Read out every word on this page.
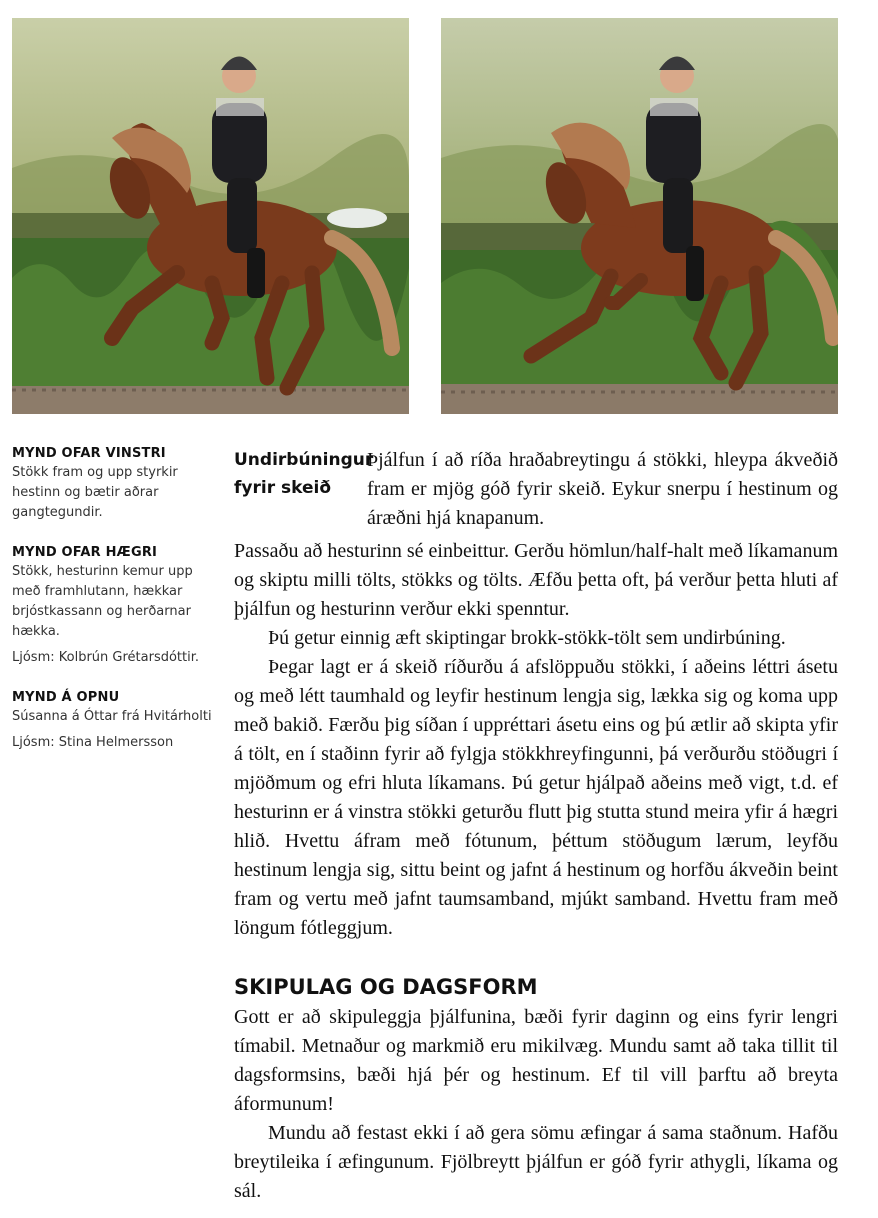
MYND OFAR VINSTRI

Stökk fram og upp styrkir hestinn og bætir aðrar gangtegundir.

MYND OFAR HÆGRI

Stökk, hesturinn kemur upp með framhlutann, hækkar brjóstkassann og herðarnar hækka.

Ljósm: Kolbrún Grétarsdóttir.

MYND Á OPNU

Súsanna á Óttar frá Hvitárholti

Ljósm: Stina Helmersson

Undirbúningur fyrir skeið

Þjálfun í að ríða hraðabreytingu á stökki, hleypa ákveðið fram er mjög góð fyrir skeið. Eykur snerpu í hestinum og áræðni hjá knapanum.

Passaðu að hesturinn sé einbeittur. Gerðu hömlun/half-halt með líkamanum og skiptu milli tölts, stökks og tölts. Æfðu þetta oft, þá verður þetta hluti af þjálfun og hesturinn verður ekki spenntur.

Þú getur einnig æft skiptingar brokk-stökk-tölt sem undirbúning.

Þegar lagt er á skeið ríðurðu á afslöppuðu stökki, í aðeins léttri ásetu og með létt taumhald og leyfir hestinum lengja sig, lækka sig og koma upp með bakið. Færðu þig síðan í uppréttari ásetu eins og þú ætlir að skipta yfir á tölt, en í staðinn fyrir að fylgja stökkhreyfingunni, þá verðurðu stöðugri í mjöðmum og efri hluta líkamans. Þú getur hjálpað aðeins með vigt, t.d. ef hesturinn er á vinstra stökki geturðu flutt þig stutta stund meira yfir á hægri hlið. Hvettu áfram með fótunum, þéttum stöðugum lærum, leyfðu hestinum lengja sig, sittu beint og jafnt á hestinum og horfðu ákveðin beint fram og vertu með jafnt taumsamband, mjúkt samband. Hvettu fram með löngum fótleggjum.

SKIPULAG OG DAGSFORM

Gott er að skipuleggja þjálfunina, bæði fyrir daginn og eins fyrir lengri tímabil. Metnaður og markmið eru mikilvæg. Mundu samt að taka tillit til dagsformsins, bæði hjá þér og hestinum. Ef til vill þarftu að breyta áformunum!

Mundu að festast ekki í að gera sömu æfingar á sama staðnum. Hafðu breytileika í æfingunum. Fjölbreytt þjálfun er góð fyrir athygli, líkama og sál.
